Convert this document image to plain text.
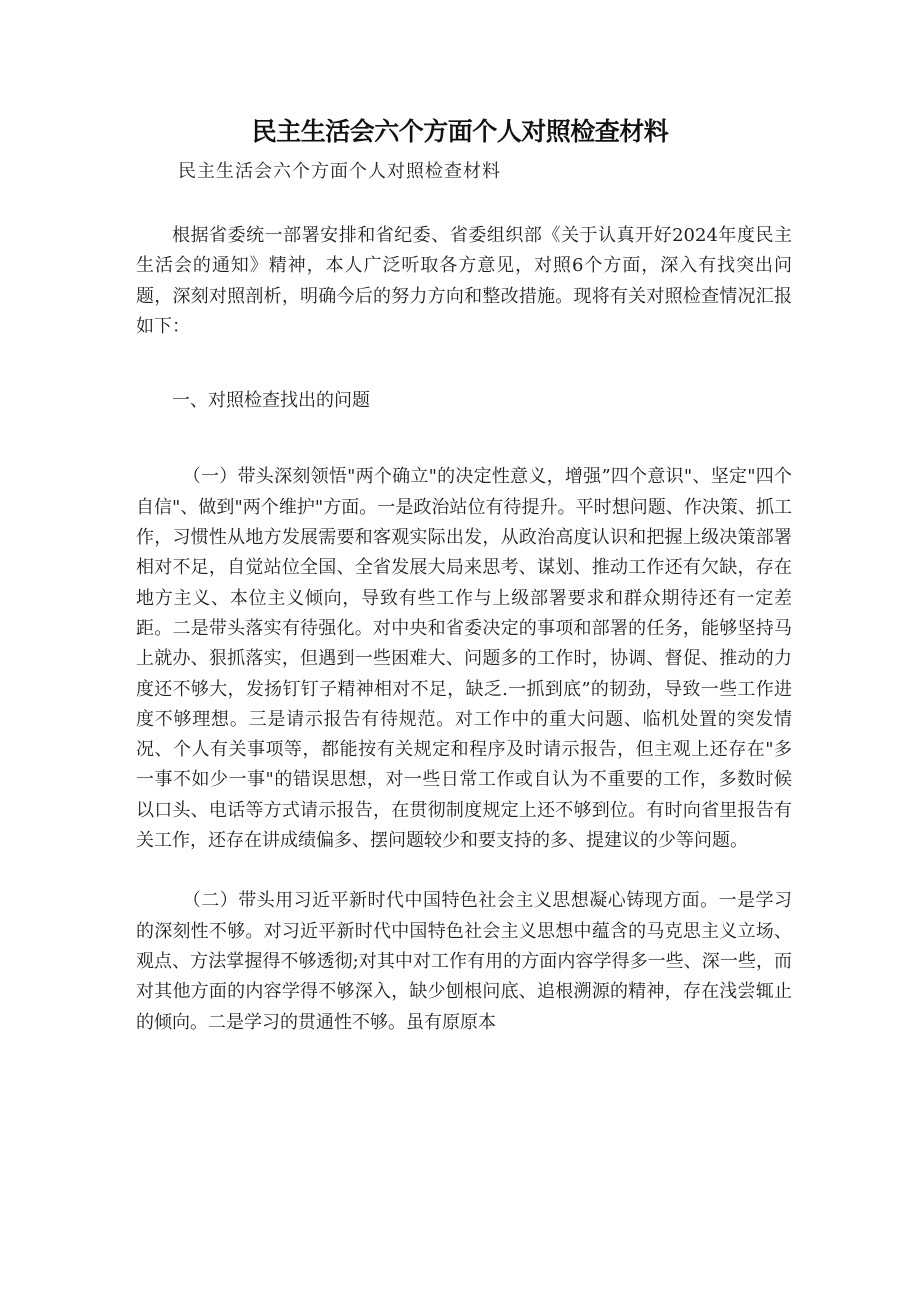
民主生活会六个方面个人对照检查材料
民主生活会六个方面个人对照检查材料

根据省委统一部署安排和省纪委、省委组织部《关于认真开好2024年度民主生活会的通知》精神，本人广泛听取各方意见，对照6个方面，深入有找突出问题，深刻对照剖析，明确今后的努力方向和整改措施。现将有关对照检查情况汇报如下：

一、对照检查找出的问题

（一）带头深刻领悟"两个确立"的决定性意义，增强”四个意识"、坚定"四个自信"、做到"两个维护"方面。一是政治站位有待提升。平时想问题、作决策、抓工作，习惯性从地方发展需要和客观实际出发，从政治高度认识和把握上级决策部署相对不足，自觉站位全国、全省发展大局来思考、谋划、推动工作还有欠缺，存在地方主义、本位主义倾向，导致有些工作与上级部署要求和群众期待还有一定差距。二是带头落实有待强化。对中央和省委决定的事项和部署的任务，能够坚持马上就办、狠抓落实，但遇到一些困难大、问题多的工作时，协调、督促、推动的力度还不够大，发扬钉钉子精神相对不足，缺乏.一抓到底”的韧劲，导致一些工作进度不够理想。三是请示报告有待规范。对工作中的重大问题、临机处置的突发情况、个人有关事项等，都能按有关规定和程序及时请示报告，但主观上还存在"多一事不如少一事"的错误思想，对一些日常工作或自认为不重要的工作，多数时候以口头、电话等方式请示报告，在贯彻制度规定上还不够到位。有时向省里报告有关工作，还存在讲成绩偏多、摆问题较少和要支持的多、提建议的少等问题。

（二）带头用习近平新时代中国特色社会主义思想凝心铸现方面。一是学习的深刻性不够。对习近平新时代中国特色社会主义思想中蕴含的马克思主义立场、观点、方法掌握得不够透彻;对其中对工作有用的方面内容学得多一些、深一些，而对其他方面的内容学得不够深入，缺少刨根问底、追根溯源的精神，存在浅尝辄止的倾向。二是学习的贯通性不够。虽有原原本
